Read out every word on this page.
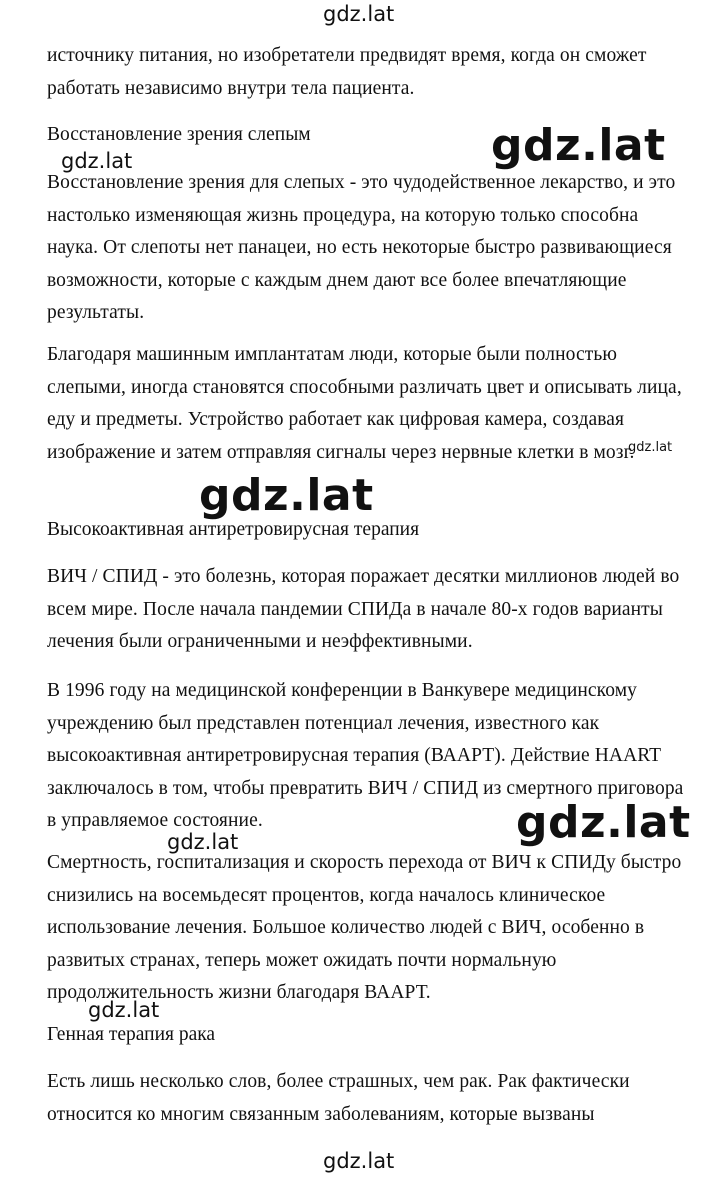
источнику питания, но изобретатели предвидят время, когда он сможет работать независимо внутри тела пациента.

Восстановление зрения слепым

Восстановление зрения для слепых - это чудодейственное лекарство, и это настолько изменяющая жизнь процедура, на которую только способна наука. От слепоты нет панацеи, но есть некоторые быстро развивающиеся возможности, которые с каждым днем дают все более впечатляющие результаты.

Благодаря машинным имплантатам люди, которые были полностью слепыми, иногда становятся способными различать цвет и описывать лица, еду и предметы. Устройство работает как цифровая камера, создавая изображение и затем отправляя сигналы через нервные клетки в мозг.

Высокоактивная антиретровирусная терапия

ВИЧ / СПИД - это болезнь, которая поражает десятки миллионов людей во всем мире. После начала пандемии СПИДа в начале 80-х годов варианты лечения были ограниченными и неэффективными.

В 1996 году на медицинской конференции в Ванкувере медицинскому учреждению был представлен потенциал лечения, известного как высокоактивная антиретровирусная терапия (ВААРТ). Действие HAART заключалось в том, чтобы превратить ВИЧ / СПИД из смертного приговора в управляемое состояние.

Смертность, госпитализация и скорость перехода от ВИЧ к СПИДу быстро снизились на восемьдесят процентов, когда началось клиническое использование лечения. Большое количество людей с ВИЧ, особенно в развитых странах, теперь может ожидать почти нормальную продолжительность жизни благодаря ВААРТ.

Генная терапия рака

Есть лишь несколько слов, более страшных, чем рак. Рак фактически относится ко многим связанным заболеваниям, которые вызваны

gdz.lat
gdz.lat
gdz.lat
gdz.lat
gdz.lat
gdz.lat
gdz.lat
gdz.lat
gdz.lat
